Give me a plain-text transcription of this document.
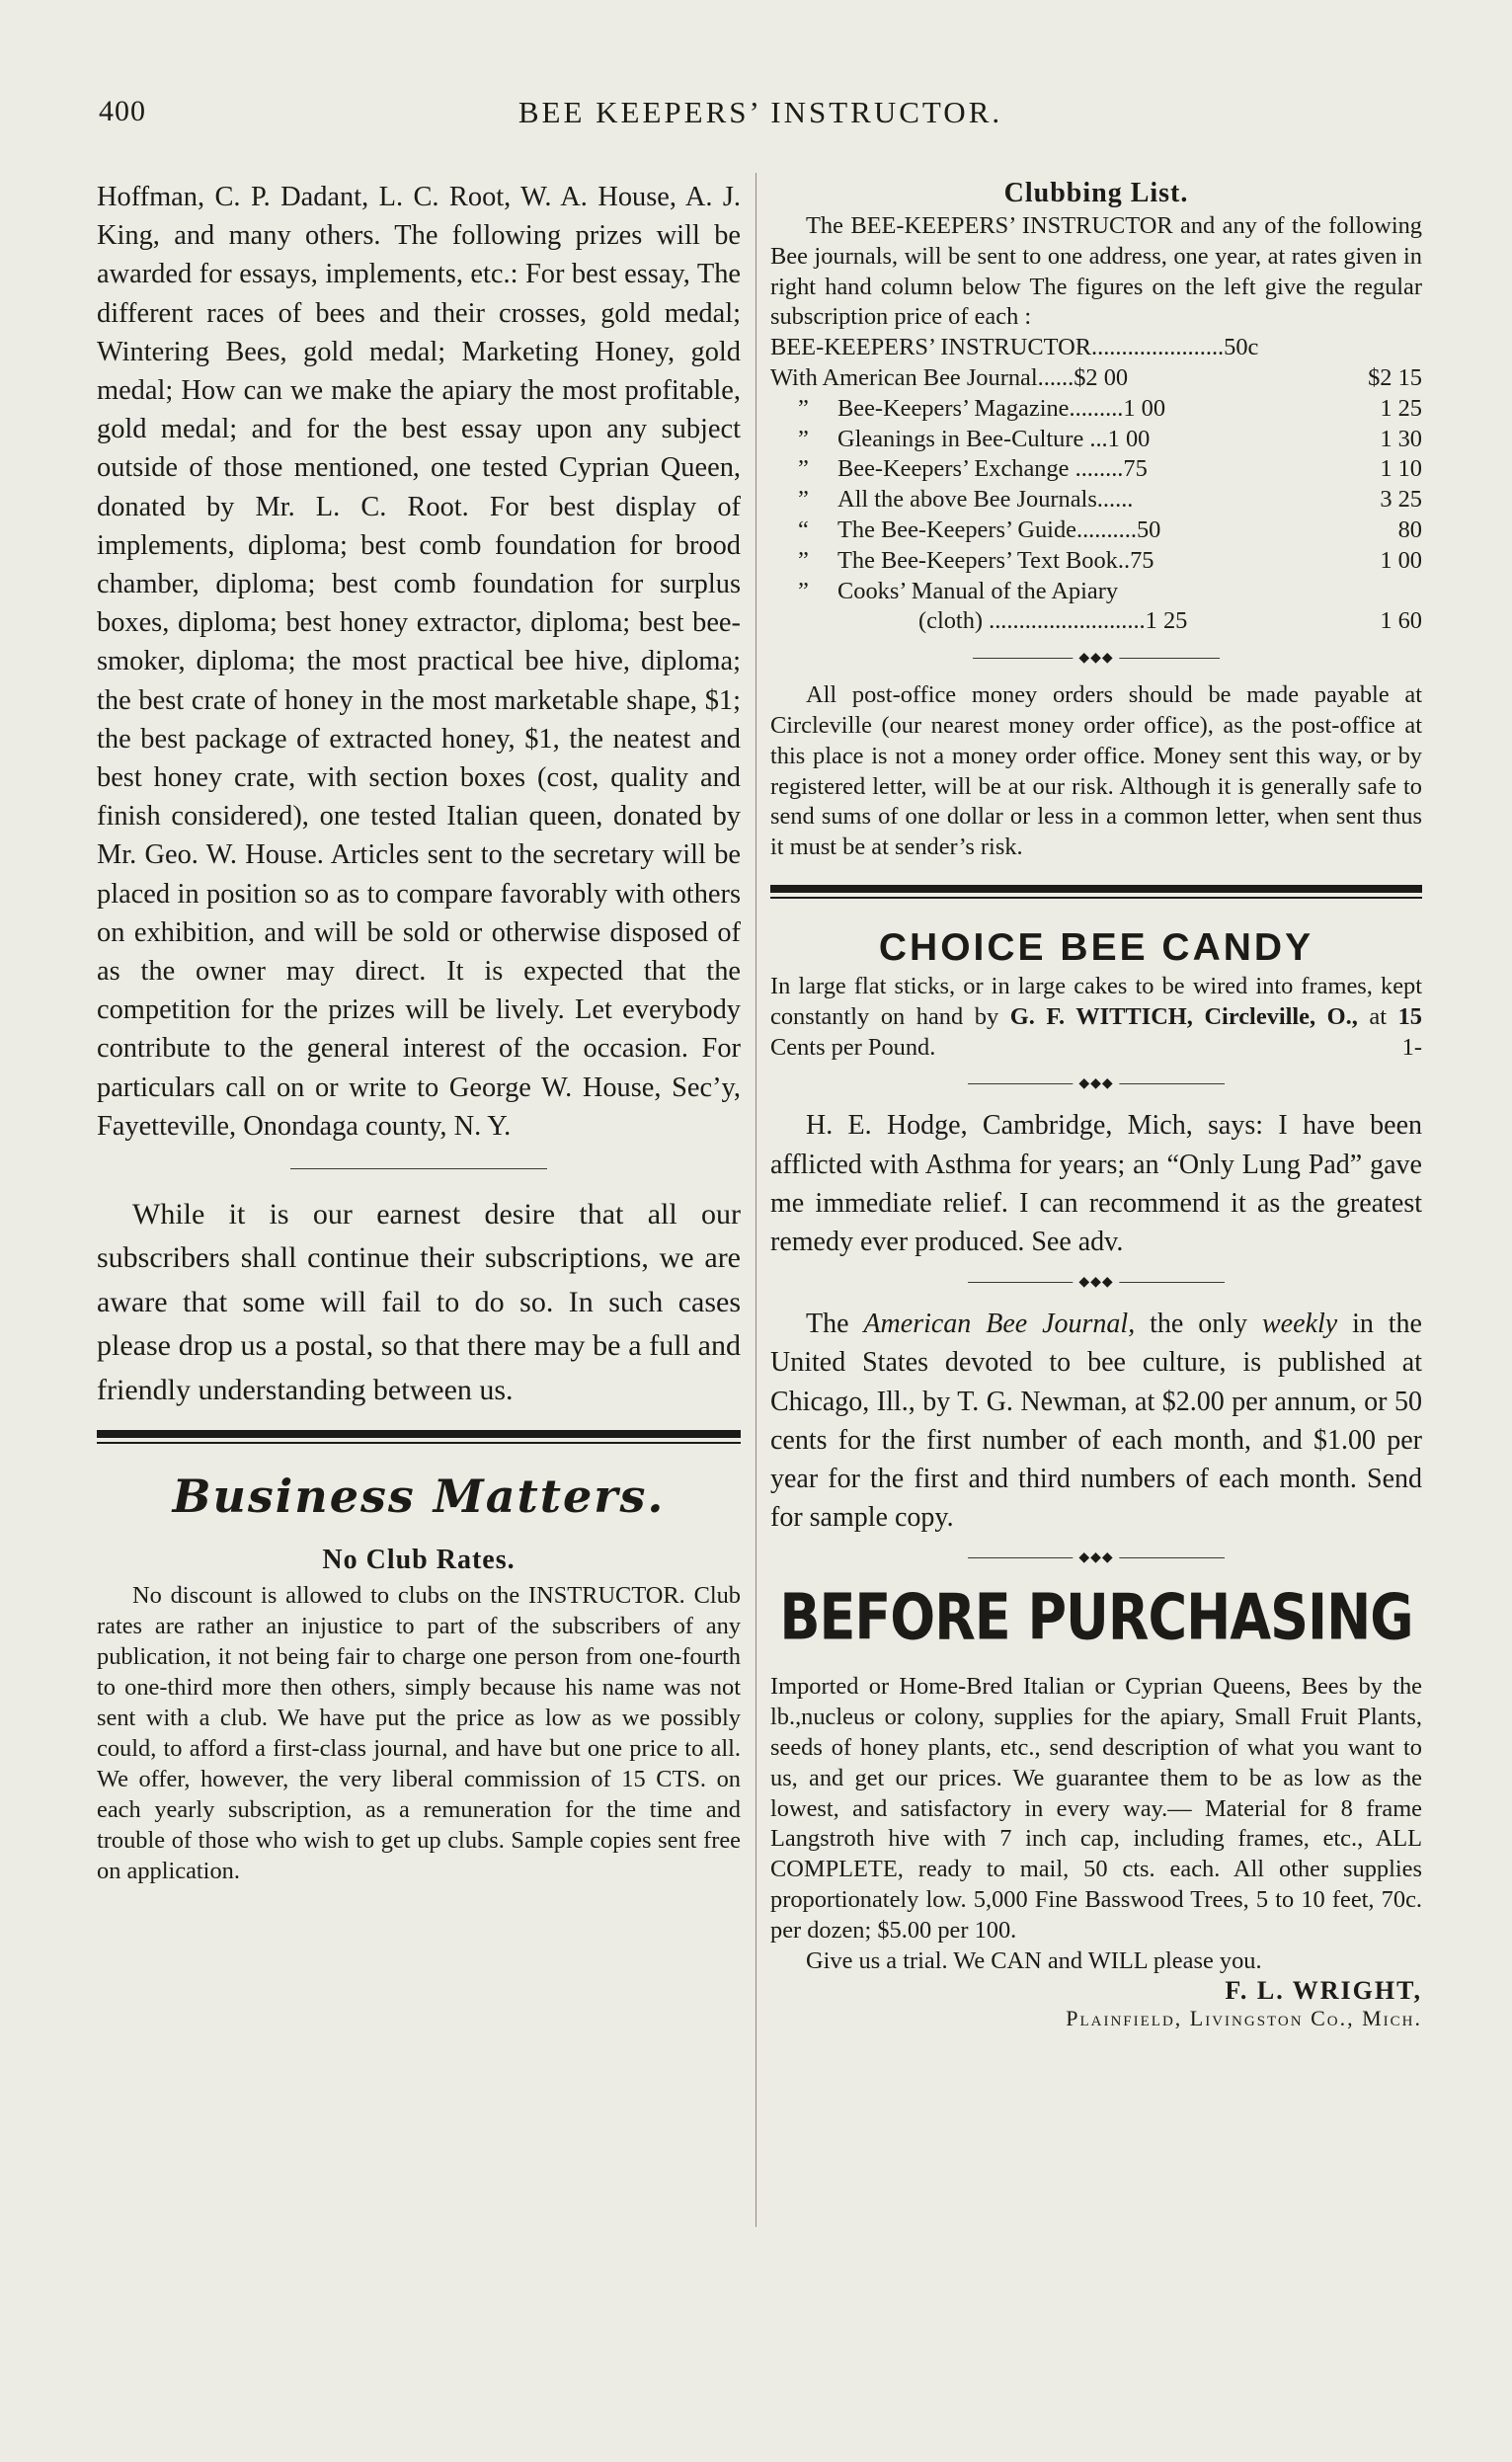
400	BEE KEEPERS’ INSTRUCTOR.

Hoffman, C. P. Dadant, L. C. Root, W. A. House, A. J. King, and many others. The following prizes will be awarded for essays, implements, etc.: For best essay, The different races of bees and their crosses, gold medal; Wintering Bees, gold medal; Marketing Honey, gold medal; How can we make the apiary the most profitable, gold medal; and for the best essay upon any subject outside of those mentioned, one tested Cyprian Queen, donated by Mr. L. C. Root. For best display of implements, diploma; best comb foundation for brood chamber, diploma; best comb foundation for surplus boxes, diploma; best honey extractor, diploma; best bee-smoker, diploma; the most practical bee hive, diploma; the best crate of honey in the most marketable shape, $1; the best package of extracted honey, $1, the neatest and best honey crate, with section boxes (cost, quality and finish considered), one tested Italian queen, donated by Mr. Geo. W. House. Articles sent to the secretary will be placed in position so as to compare favorably with others on exhibition, and will be sold or otherwise disposed of as the owner may direct. It is expected that the competition for the prizes will be lively. Let everybody contribute to the general interest of the occasion. For particulars call on or write to George W. House, Sec’y, Fayetteville, Onondaga county, N. Y.

While it is our earnest desire that all our subscribers shall continue their subscriptions, we are aware that some will fail to do so. In such cases please drop us a postal, so that there may be a full and friendly understanding between us.

Business Matters.
No Club Rates.

No discount is allowed to clubs on the INSTRUCTOR. Club rates are rather an injustice to part of the subscribers of any publication, it not being fair to charge one person from one-fourth to one-third more then others, simply because his name was not sent with a club. We have put the price as low as we possibly could, to afford a first-class journal, and have but one price to all. We offer, however, the very liberal commission of 15 CTS. on each yearly subscription, as a remuneration for the time and trouble of those who wish to get up clubs. Sample copies sent free on application.

Clubbing List.

The BEE-KEEPERS’ INSTRUCTOR and any of the following Bee journals, will be sent to one address, one year, at rates given in right hand column below The figures on the left give the regular subscription price of each :

BEE-KEEPERS’ INSTRUCTOR......................50c
With American Bee Journal......$2 00	$2 15
” Bee-Keepers’ Magazine.........1 00	1 25
” Gleanings in Bee-Culture ...1 00	1 30
” Bee-Keepers’ Exchange ........75	1 10
” All the above Bee Journals......	3 25
“ The Bee-Keepers’ Guide..........50	80
” The Bee-Keepers’ Text Book..75	1 00
” Cooks’ Manual of the Apiary
(cloth) ..........................1 25	1 60
◆◆◆

All post-office money orders should be made payable at Circleville (our nearest money order office), as the post-office at this place is not a money order office. Money sent this way, or by registered letter, will be at our risk. Although it is generally safe to send sums of one dollar or less in a common letter, when sent thus it must be at sender’s risk.

CHOICE BEE CANDY

In large flat sticks, or in large cakes to be wired into frames, kept constantly on hand by G. F. WITTICH, Circleville, O., at 15 Cents per Pound.	1-

◆◆◆

H. E. Hodge, Cambridge, Mich, says: I have been afflicted with Asthma for years; an “Only Lung Pad” gave me immediate relief. I can recommend it as the greatest remedy ever produced. See adv.

◆◆◆

The American Bee Journal, the only weekly in the United States devoted to bee culture, is published at Chicago, Ill., by T. G. Newman, at $2.00 per annum, or 50 cents for the first number of each month, and $1.00 per year for the first and third numbers of each month. Send for sample copy.

◆◆◆
BEFORE PURCHASING

Imported or Home-Bred Italian or Cyprian Queens, Bees by the lb.,nucleus or colony, supplies for the apiary, Small Fruit Plants, seeds of honey plants, etc., send description of what you want to us, and get our prices. We guarantee them to be as low as the lowest, and satisfactory in every way.— Material for 8 frame Langstroth hive with 7 inch cap, including frames, etc., ALL COMPLETE, ready to mail, 50 cts. each. All other supplies proportionately low. 5,000 Fine Basswood Trees, 5 to 10 feet, 70c. per dozen; $5.00 per 100.

Give us a trial. We CAN and WILL please you.

F. L. WRIGHT,
Plainfield, Livingston Co., Mich.
